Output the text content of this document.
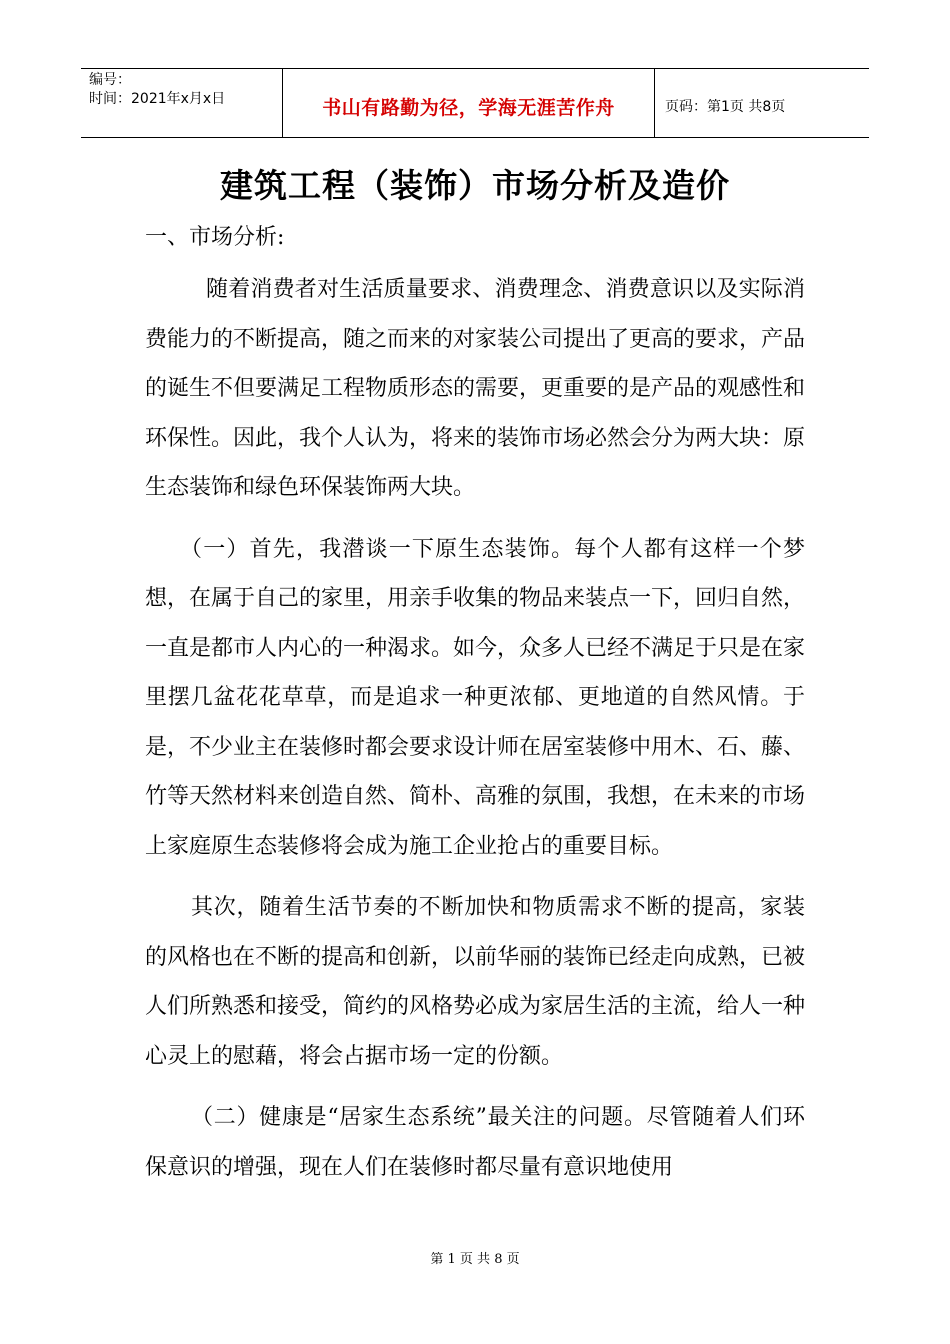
编号：
时间：2021年x月x日	书山有路勤为径，学海无涯苦作舟	页码：第1页 共8页
建筑工程（装饰）市场分析及造价
一、市场分析:

随着消费者对生活质量要求、消费理念、消费意识以及实际消费能力的不断提高，随之而来的对家装公司提出了更高的要求，产品的诞生不但要满足工程物质形态的需要，更重要的是产品的观感性和环保性。因此，我个人认为，将来的装饰市场必然会分为两大块：原生态装饰和绿色环保装饰两大块。

（一）首先，我潜谈一下原生态装饰。每个人都有这样一个梦想，在属于自己的家里，用亲手收集的物品来装点一下，回归自然，一直是都市人内心的一种渴求。如今，众多人已经不满足于只是在家里摆几盆花花草草，而是追求一种更浓郁、更地道的自然风情。于是，不少业主在装修时都会要求设计师在居室装修中用木、石、藤、竹等天然材料来创造自然、简朴、高雅的氛围，我想，在未来的市场上家庭原生态装修将会成为施工企业抢占的重要目标。

其次，随着生活节奏的不断加快和物质需求不断的提高，家装的风格也在不断的提高和创新，以前华丽的装饰已经走向成熟，已被人们所熟悉和接受，简约的风格势必成为家居生活的主流，给人一种心灵上的慰藉，将会占据市场一定的份额。

（二）健康是“居家生态系统”最关注的问题。尽管随着人们环保意识的增强，现在人们在装修时都尽量有意识地使用

第 1 页 共 8 页
